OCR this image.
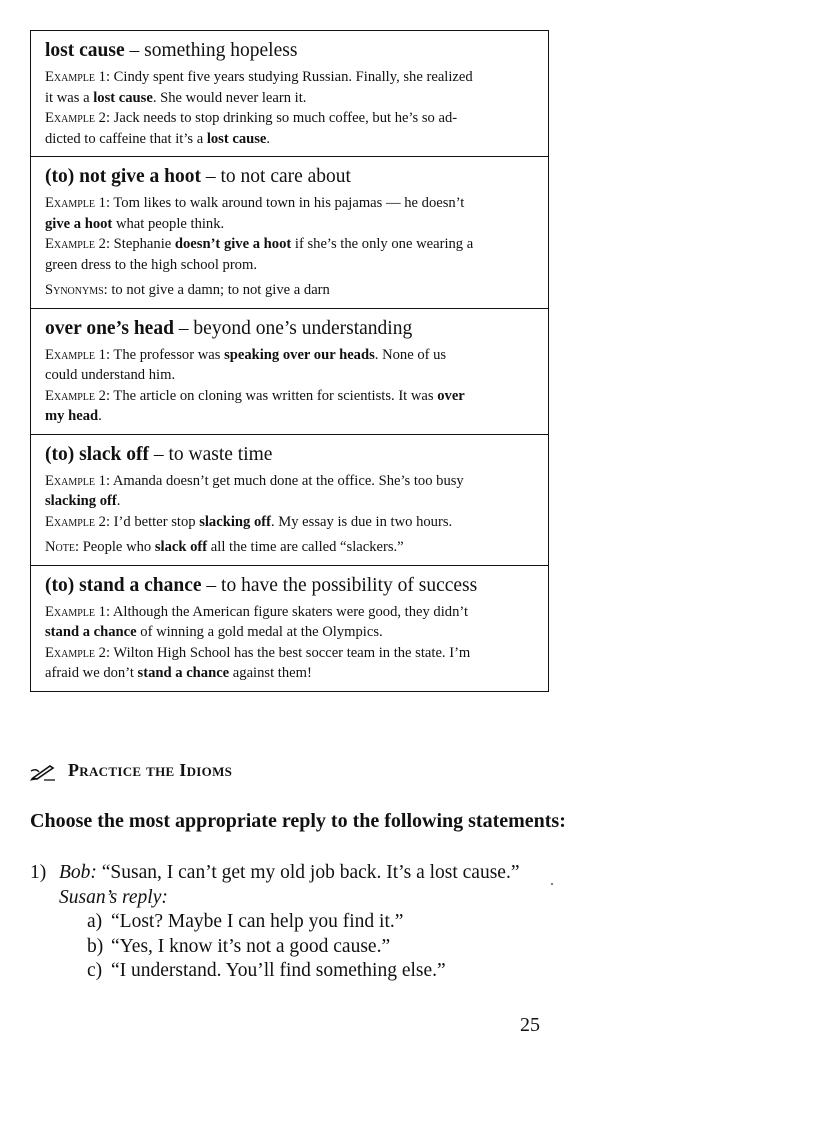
lost cause – something hopeless
Example 1: Cindy spent five years studying Russian. Finally, she realized
it was a lost cause. She would never learn it.
Example 2: Jack needs to stop drinking so much coffee, but he’s so ad-
dicted to caffeine that it’s a lost cause.
(to) not give a hoot – to not care about
Example 1: Tom likes to walk around town in his pajamas — he doesn’t
give a hoot what people think.
Example 2: Stephanie doesn’t give a hoot if she’s the only one wearing a
green dress to the high school prom.
Synonyms: to not give a damn; to not give a darn
over one’s head – beyond one’s understanding
Example 1: The professor was speaking over our heads. None of us
could understand him.
Example 2: The article on cloning was written for scientists. It was over
my head.
(to) slack off – to waste time
Example 1: Amanda doesn’t get much done at the office. She’s too busy
slacking off.
Example 2: I’d better stop slacking off. My essay is due in two hours.
Note: People who slack off all the time are called “slackers.”
(to) stand a chance – to have the possibility of success
Example 1: Although the American figure skaters were good, they didn’t
stand a chance of winning a gold medal at the Olympics.
Example 2: Wilton High School has the best soccer team in the state. I’m
afraid we don’t stand a chance against them!
Practice the Idioms
Choose the most appropriate reply to the following statements:
1) Bob: “Susan, I can’t get my old job back. It’s a lost cause.”
Susan’s reply:
a) “Lost? Maybe I can help you find it.”
b) “Yes, I know it’s not a good cause.”
c) “I understand. You’ll find something else.”
25
